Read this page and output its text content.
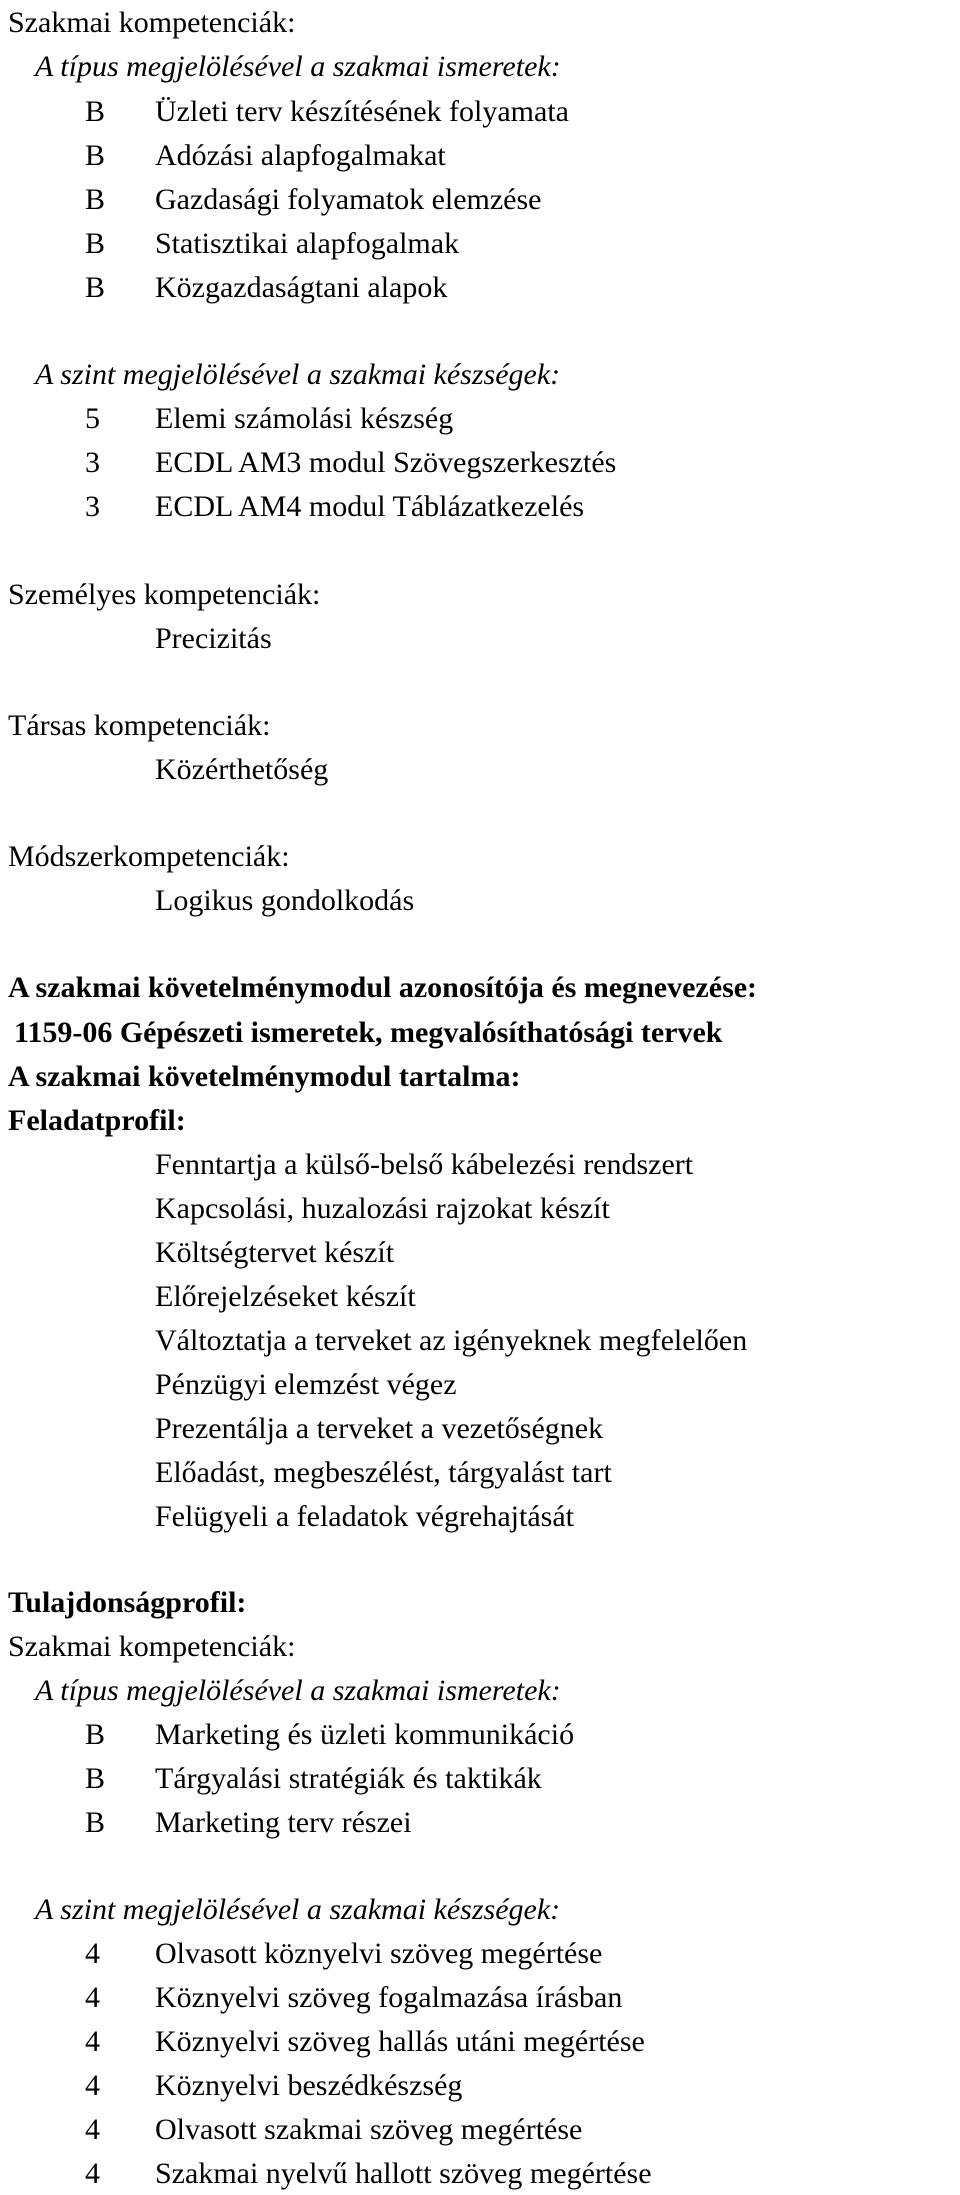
Szakmai kompetenciák:
A típus megjelölésével a szakmai ismeretek:
B Üzleti terv készítésének folyamata
B Adózási alapfogalmakat
B Gazdasági folyamatok elemzése
B Statisztikai alapfogalmak
B Közgazdaságtani alapok
A szint megjelölésével a szakmai készségek:
5 Elemi számolási készség
3 ECDL AM3 modul Szövegszerkesztés
3 ECDL AM4 modul Táblázatkezelés
Személyes kompetenciák:
Precizitás
Társas kompetenciák:
Közérthetőség
Módszerkompetenciák:
Logikus gondolkodás
A szakmai követelménymodul azonosítója és megnevezése:
1159-06 Gépészeti ismeretek, megvalósíthatósági tervek
A szakmai követelménymodul tartalma:
Feladatprofil:
Fenntartja a külső-belső kábelezési rendszert
Kapcsolási, huzalozási rajzokat készít
Költségtervet készít
Előrejelzéseket készít
Változtatja a terveket az igényeknek megfelelően
Pénzügyi elemzést végez
Prezentálja a terveket a vezetőségnek
Előadást, megbeszélést, tárgyalást tart
Felügyeli a feladatok végrehajtását
Tulajdonságprofil:
Szakmai kompetenciák:
A típus megjelölésével a szakmai ismeretek:
B Marketing és üzleti kommunikáció
B Tárgyalási stratégiák és taktikák
B Marketing terv részei
A szint megjelölésével a szakmai készségek:
4 Olvasott köznyelvi szöveg megértése
4 Köznyelvi szöveg fogalmazása írásban
4 Köznyelvi szöveg hallás utáni megértése
4 Köznyelvi beszédkészség
4 Olvasott szakmai szöveg megértése
4 Szakmai nyelvű hallott szöveg megértése
